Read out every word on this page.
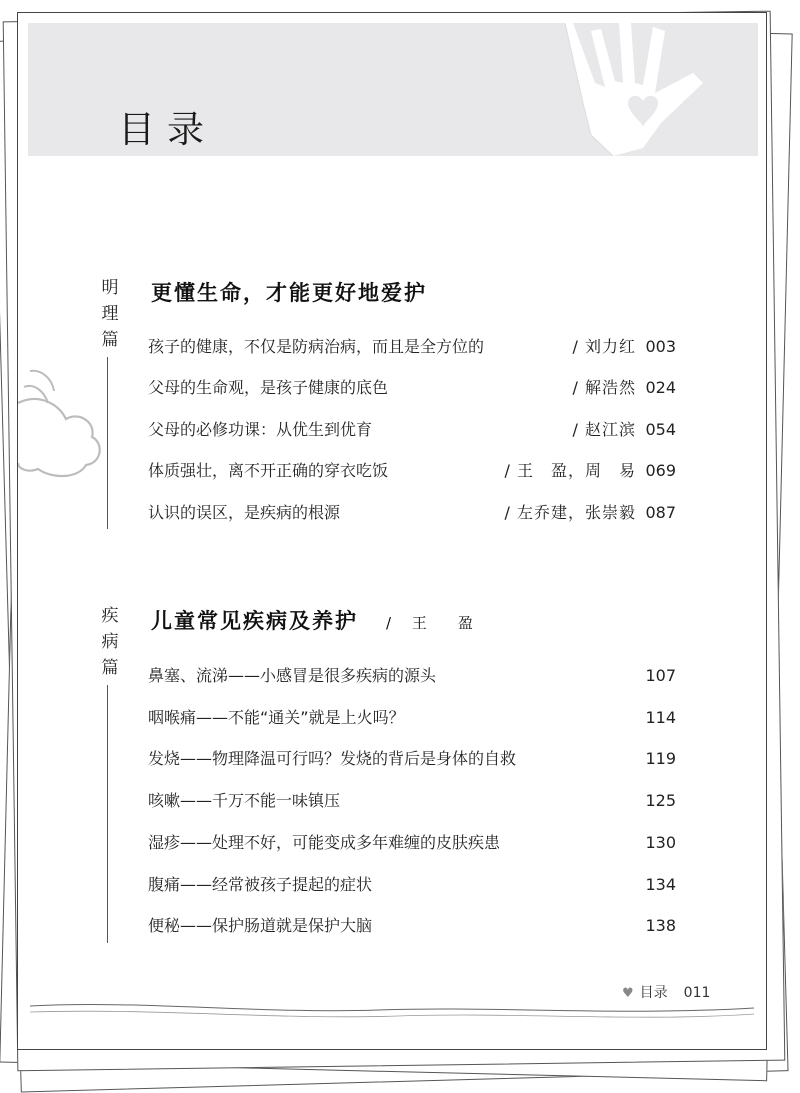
目录
明
理
篇
更懂生命，才能更好地爱护
孩子的健康，不仅是防病治病，而且是全方位的	/ 刘力红 003
父母的生命观，是孩子健康的底色	/ 解浩然 024
父母的必修功课：从优生到优育	/ 赵江滨 054
体质强壮，离不开正确的穿衣吃饭	/ 王　盈，周　易 069
认识的误区，是疾病的根源	/ 左乔建，张崇毅 087
疾
病
篇
儿童常见疾病及养护 / 王　盈
鼻塞、流涕——小感冒是很多疾病的源头	107
咽喉痛——不能“通关”就是上火吗？	114
发烧——物理降温可行吗？发烧的背后是身体的自救	119
咳嗽——千万不能一味镇压	125
湿疹——处理不好，可能变成多年难缠的皮肤疾患	130
腹痛——经常被孩子提起的症状	134
便秘——保护肠道就是保护大脑	138
♥ 目录 011
